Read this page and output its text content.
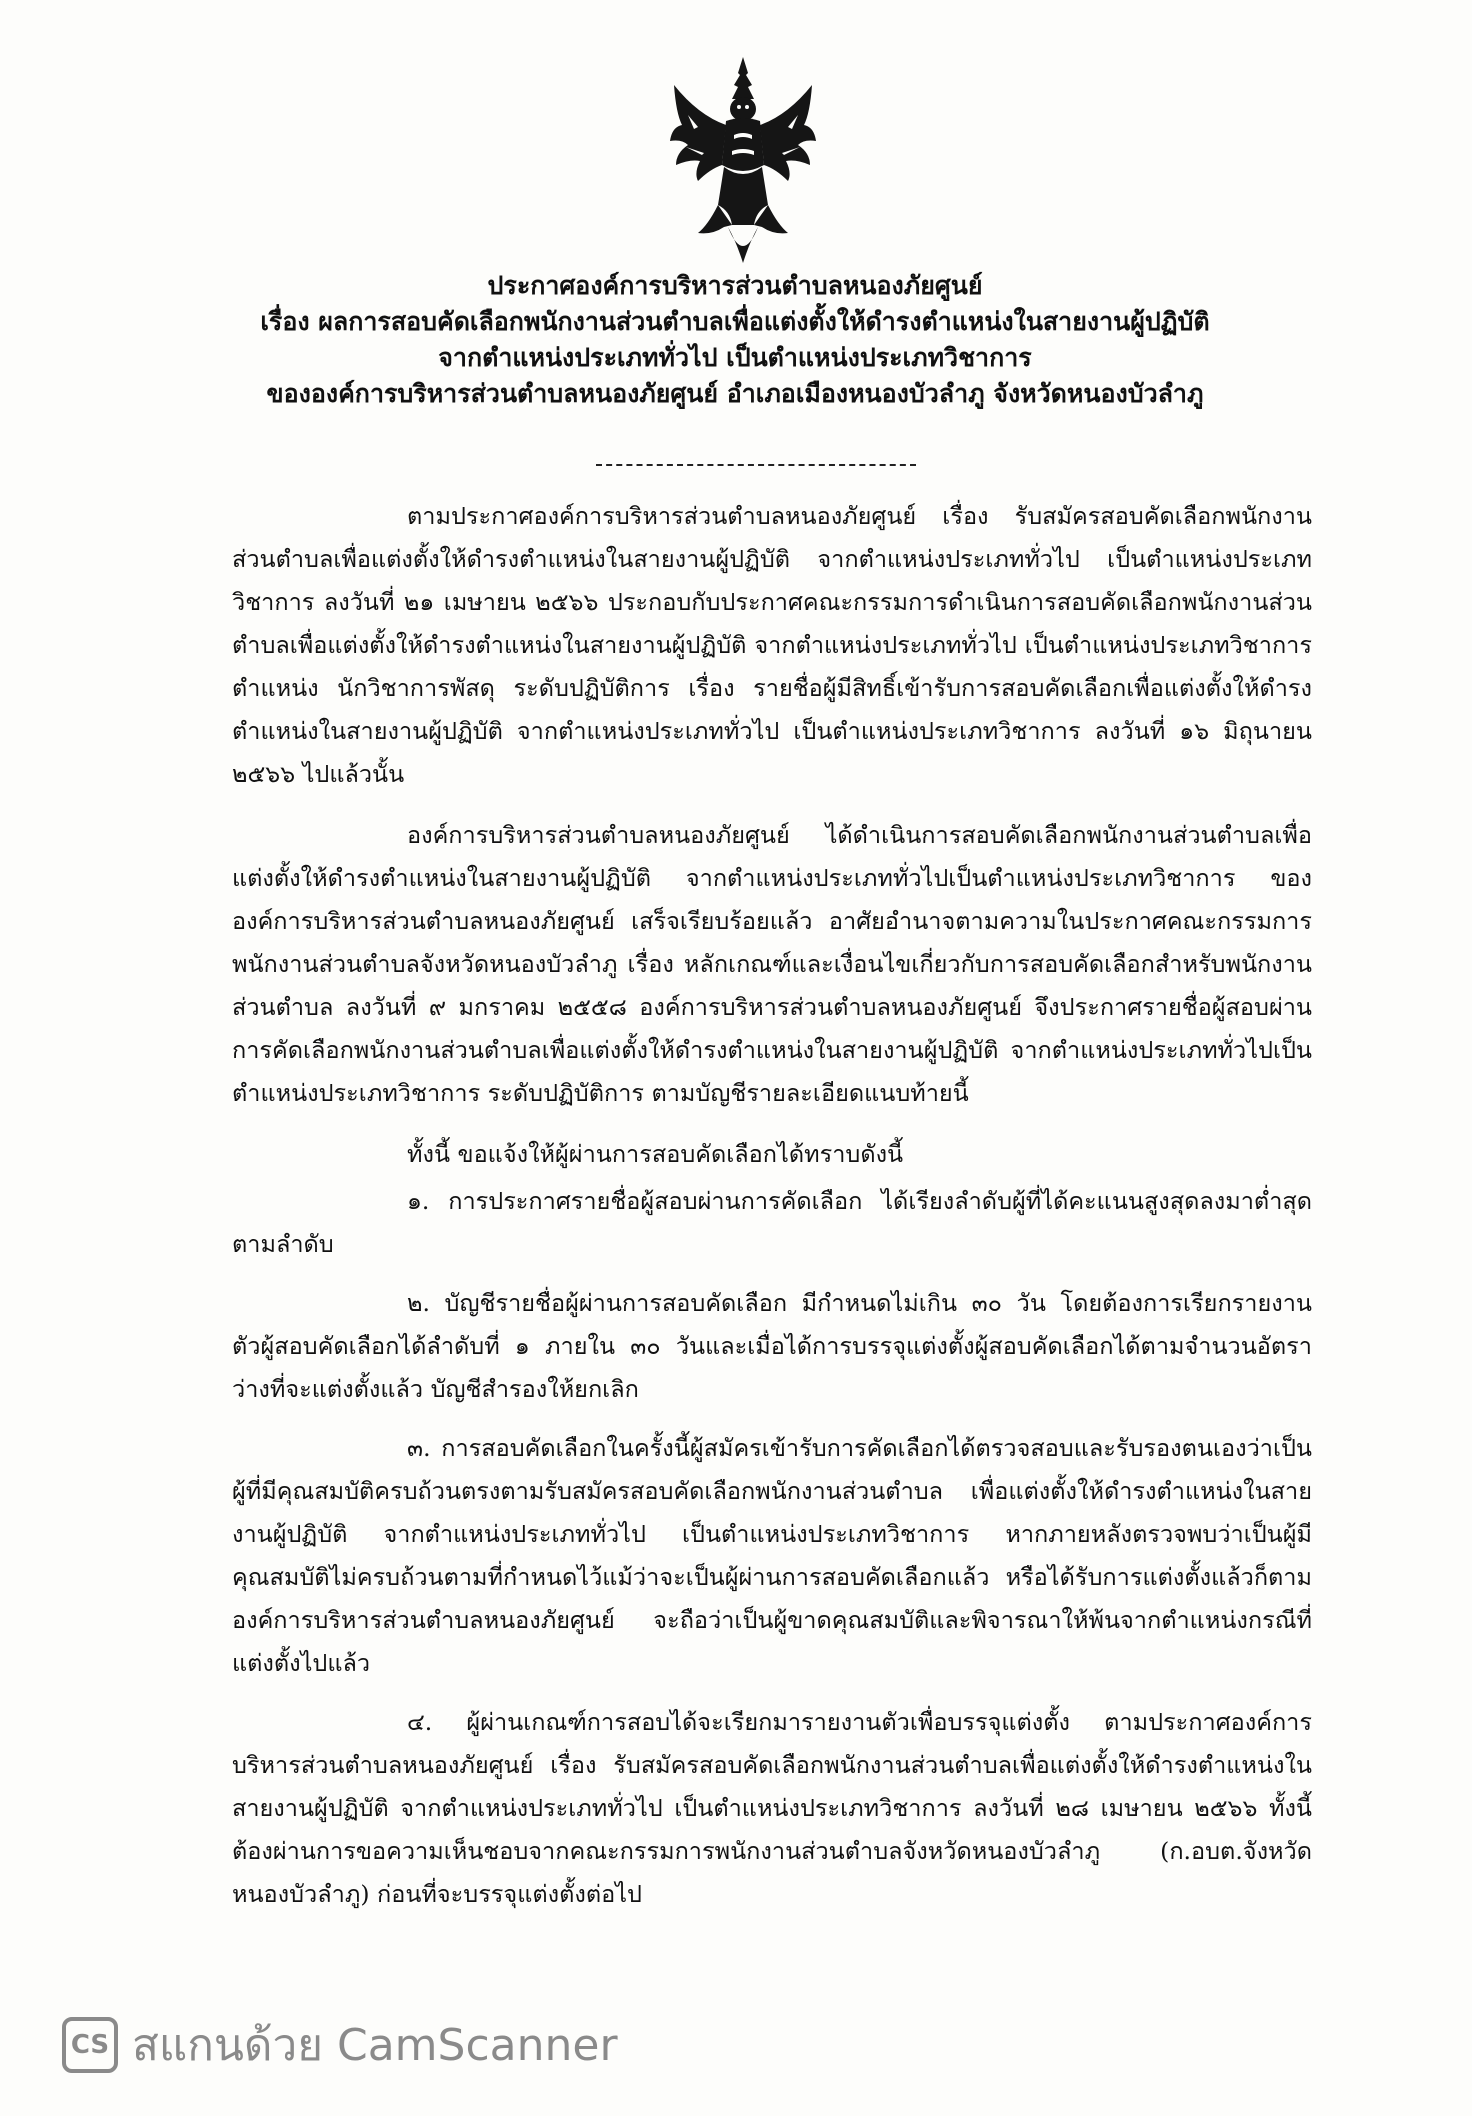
ประกาศองค์การบริหารส่วนตำบลหนองภัยศูนย์
เรื่อง ผลการสอบคัดเลือกพนักงานส่วนตำบลเพื่อแต่งตั้งให้ดำรงตำแหน่งในสายงานผู้ปฏิบัติ
จากตำแหน่งประเภททั่วไป เป็นตำแหน่งประเภทวิชาการ
ขององค์การบริหารส่วนตำบลหนองภัยศูนย์ อำเภอเมืองหนองบัวลำภู จังหวัดหนองบัวลำภู

ตามประกาศองค์การบริหารส่วนตำบลหนองภัยศูนย์ เรื่อง รับสมัครสอบคัดเลือกพนักงานส่วนตำบลเพื่อแต่งตั้งให้ดำรงตำแหน่งในสายงานผู้ปฏิบัติ จากตำแหน่งประเภททั่วไป เป็นตำแหน่งประเภทวิชาการ ลงวันที่ ๒๑ เมษายน ๒๕๖๖ ประกอบกับประกาศคณะกรรมการดำเนินการสอบคัดเลือกพนักงานส่วนตำบลเพื่อแต่งตั้งให้ดำรงตำแหน่งในสายงานผู้ปฏิบัติ จากตำแหน่งประเภททั่วไป เป็นตำแหน่งประเภทวิชาการ ตำแหน่ง นักวิชาการพัสดุ ระดับปฏิบัติการ เรื่อง รายชื่อผู้มีสิทธิ์เข้ารับการสอบคัดเลือกเพื่อแต่งตั้งให้ดำรงตำแหน่งในสายงานผู้ปฏิบัติ จากตำแหน่งประเภททั่วไป เป็นตำแหน่งประเภทวิชาการ ลงวันที่ ๑๖ มิถุนายน ๒๕๖๖ ไปแล้วนั้น

องค์การบริหารส่วนตำบลหนองภัยศูนย์ ได้ดำเนินการสอบคัดเลือกพนักงานส่วนตำบลเพื่อแต่งตั้งให้ดำรงตำแหน่งในสายงานผู้ปฏิบัติ จากตำแหน่งประเภททั่วไปเป็นตำแหน่งประเภทวิชาการ ขององค์การบริหารส่วนตำบลหนองภัยศูนย์ เสร็จเรียบร้อยแล้ว อาศัยอำนาจตามความในประกาศคณะกรรมการพนักงานส่วนตำบลจังหวัดหนองบัวลำภู เรื่อง หลักเกณฑ์และเงื่อนไขเกี่ยวกับการสอบคัดเลือกสำหรับพนักงานส่วนตำบล ลงวันที่ ๙ มกราคม ๒๕๕๘ องค์การบริหารส่วนตำบลหนองภัยศูนย์ จึงประกาศรายชื่อผู้สอบผ่านการคัดเลือกพนักงานส่วนตำบลเพื่อแต่งตั้งให้ดำรงตำแหน่งในสายงานผู้ปฏิบัติ จากตำแหน่งประเภททั่วไปเป็นตำแหน่งประเภทวิชาการ ระดับปฏิบัติการ ตามบัญชีรายละเอียดแนบท้ายนี้

ทั้งนี้ ขอแจ้งให้ผู้ผ่านการสอบคัดเลือกได้ทราบดังนี้

๑. การประกาศรายชื่อผู้สอบผ่านการคัดเลือก ได้เรียงลำดับผู้ที่ได้คะแนนสูงสุดลงมาต่ำสุดตามลำดับ

๒. บัญชีรายชื่อผู้ผ่านการสอบคัดเลือก มีกำหนดไม่เกิน ๓๐ วัน โดยต้องการเรียกรายงานตัวผู้สอบคัดเลือกได้ลำดับที่ ๑ ภายใน ๓๐ วันและเมื่อได้การบรรจุแต่งตั้งผู้สอบคัดเลือกได้ตามจำนวนอัตราว่างที่จะแต่งตั้งแล้ว บัญชีสำรองให้ยกเลิก

๓. การสอบคัดเลือกในครั้งนี้ผู้สมัครเข้ารับการคัดเลือกได้ตรวจสอบและรับรองตนเองว่าเป็นผู้ที่มีคุณสมบัติครบถ้วนตรงตามรับสมัครสอบคัดเลือกพนักงานส่วนตำบล เพื่อแต่งตั้งให้ดำรงตำแหน่งในสายงานผู้ปฏิบัติ จากตำแหน่งประเภททั่วไป เป็นตำแหน่งประเภทวิชาการ หากภายหลังตรวจพบว่าเป็นผู้มีคุณสมบัติไม่ครบถ้วนตามที่กำหนดไว้แม้ว่าจะเป็นผู้ผ่านการสอบคัดเลือกแล้ว หรือได้รับการแต่งตั้งแล้วก็ตาม องค์การบริหารส่วนตำบลหนองภัยศูนย์ จะถือว่าเป็นผู้ขาดคุณสมบัติและพิจารณาให้พ้นจากตำแหน่งกรณีที่แต่งตั้งไปแล้ว

๔. ผู้ผ่านเกณฑ์การสอบได้จะเรียกมารายงานตัวเพื่อบรรจุแต่งตั้ง ตามประกาศองค์การบริหารส่วนตำบลหนองภัยศูนย์ เรื่อง รับสมัครสอบคัดเลือกพนักงานส่วนตำบลเพื่อแต่งตั้งให้ดำรงตำแหน่งในสายงานผู้ปฏิบัติ จากตำแหน่งประเภททั่วไป เป็นตำแหน่งประเภทวิชาการ ลงวันที่ ๒๘ เมษายน ๒๕๖๖ ทั้งนี้ต้องผ่านการขอความเห็นชอบจากคณะกรรมการพนักงานส่วนตำบลจังหวัดหนองบัวลำภู (ก.อบต.จังหวัดหนองบัวลำภู) ก่อนที่จะบรรจุแต่งตั้งต่อไป

CS สแกนด้วย CamScanner
